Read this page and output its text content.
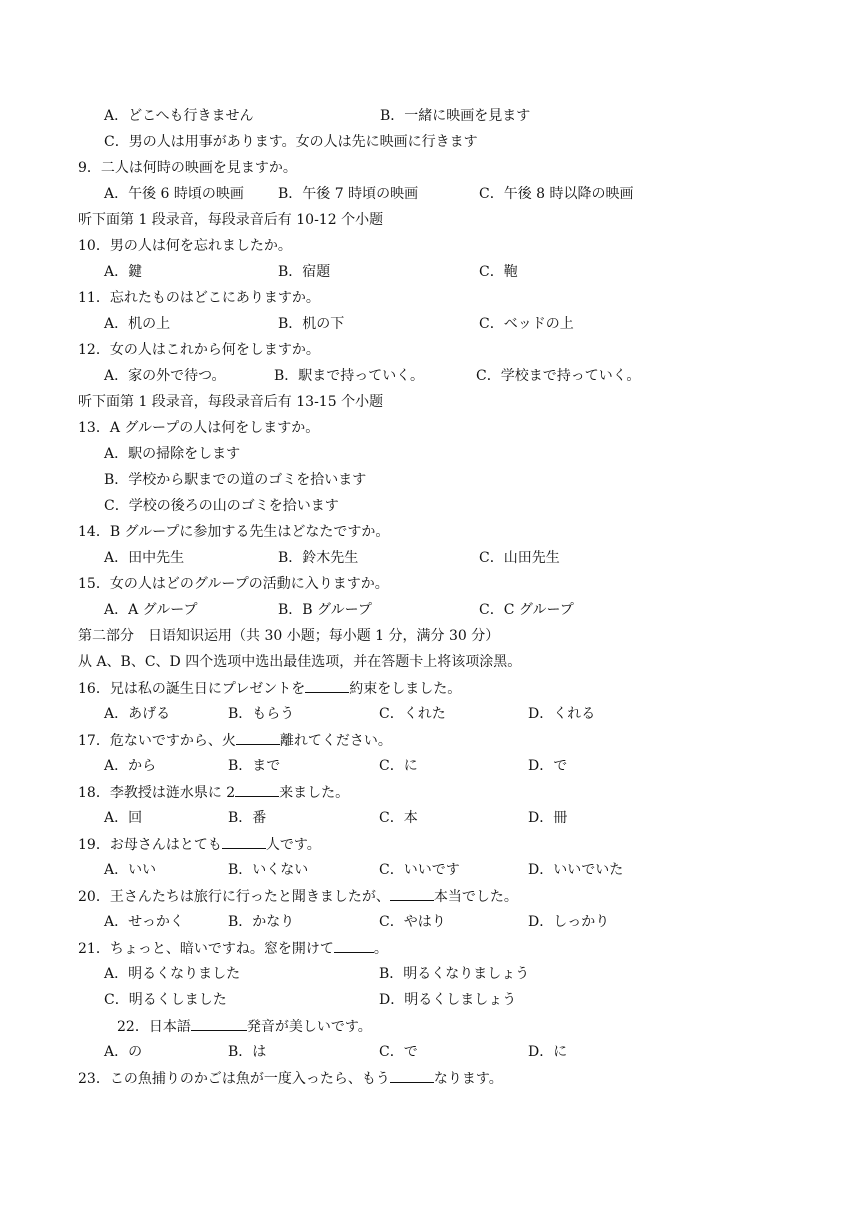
A．どこへも行きません	B．一緒に映画を見ます
C．男の人は用事があります。女の人は先に映画に行きます
9．二人は何時の映画を見ますか。
A．午後 6 時頃の映画 B．午後 7 時頃の映画	C．午後 8 時以降の映画
听下面第 1 段录音，每段录音后有 10-12 个小题
10．男の人は何を忘れましたか。
A．鍵	B．宿題	C．鞄
11．忘れたものはどこにありますか。
A．机の上	B．机の下	C．ベッドの上
12．女の人はこれから何をしますか。
A．家の外で待つ。	B．駅まで持っていく。	C．学校まで持っていく。
听下面第 1 段录音，每段录音后有 13-15 个小题
13．A グループの人は何をしますか。
A．駅の掃除をします
B．学校から駅までの道のゴミを拾います
C．学校の後ろの山のゴミを拾います
14．B グループに参加する先生はどなたですか。
A．田中先生	B．鈴木先生	C．山田先生
15．女の人はどのグループの活動に入りますか。
A．A グループ	B．B グループ	C．C グループ
第二部分　日语知识运用（共 30 小题；每小题 1 分，满分 30 分）
从 A、B、C、D 四个选项中选出最佳选项，并在答题卡上将该项涂黑。
16．兄は私の誕生日にプレゼントを	約束をしました。
A．あげる	B．もらう	C．くれた	D．くれる
17．危ないですから、火	離れてください。
A．から	B．まで	C．に	D．で
18．李教授は涟水県に 2	来ました。
A．回	B．番	C．本	D．冊
19．お母さんはとても	人です。
A．いい	B．いくない	C．いいです	D．いいでいた
20．王さんたちは旅行に行ったと聞きましたが、	本当でした。
A．せっかく	B．かなり	C．やはり	D．しっかり
21．ちょっと、暗いですね。窓を開けて	。
A．明るくなりました	B．明るくなりましょう
C．明るくしました	D．明るくしましょう
22．日本語	発音が美しいです。
A．の	B．は	C．で	D．に
23．この魚捕りのかごは魚が一度入ったら、もう	なります。
